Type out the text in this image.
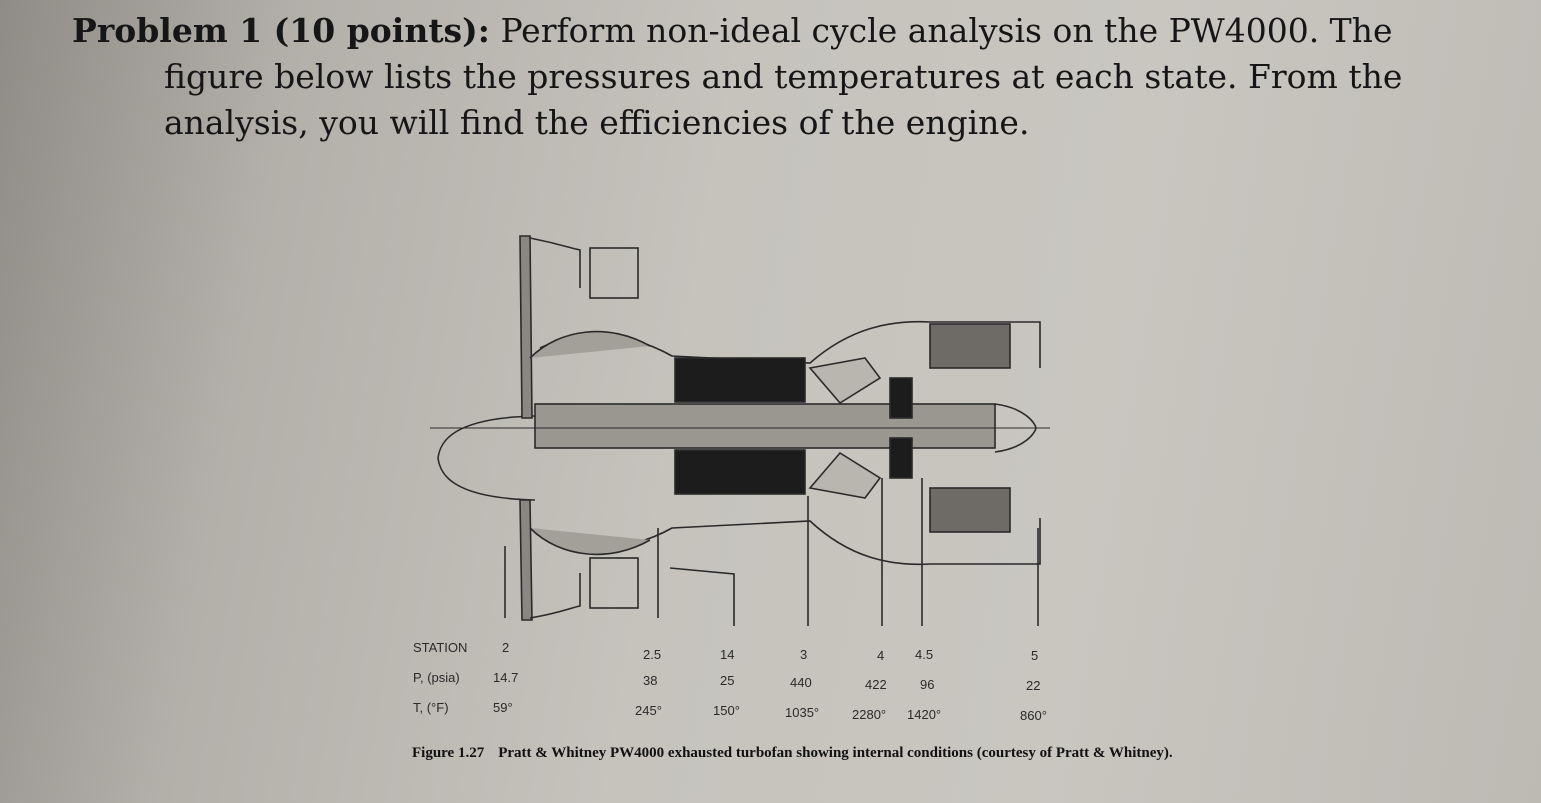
Problem 1 (10 points): Perform non-ideal cycle analysis on the PW4000. The
figure below lists the pressures and temperatures at each state. From the
analysis, you will find the efficiencies of the engine.
STATION
P, (psia)
T, (°F)
2
14.7
59°
2.5
38
245°
14
25
150°
3
440
1035°
4
422
2280°
4.5
96
1420°
5
22
860°
Figure 1.27 Pratt & Whitney PW4000 exhausted turbofan showing internal conditions (courtesy of Pratt & Whitney).
